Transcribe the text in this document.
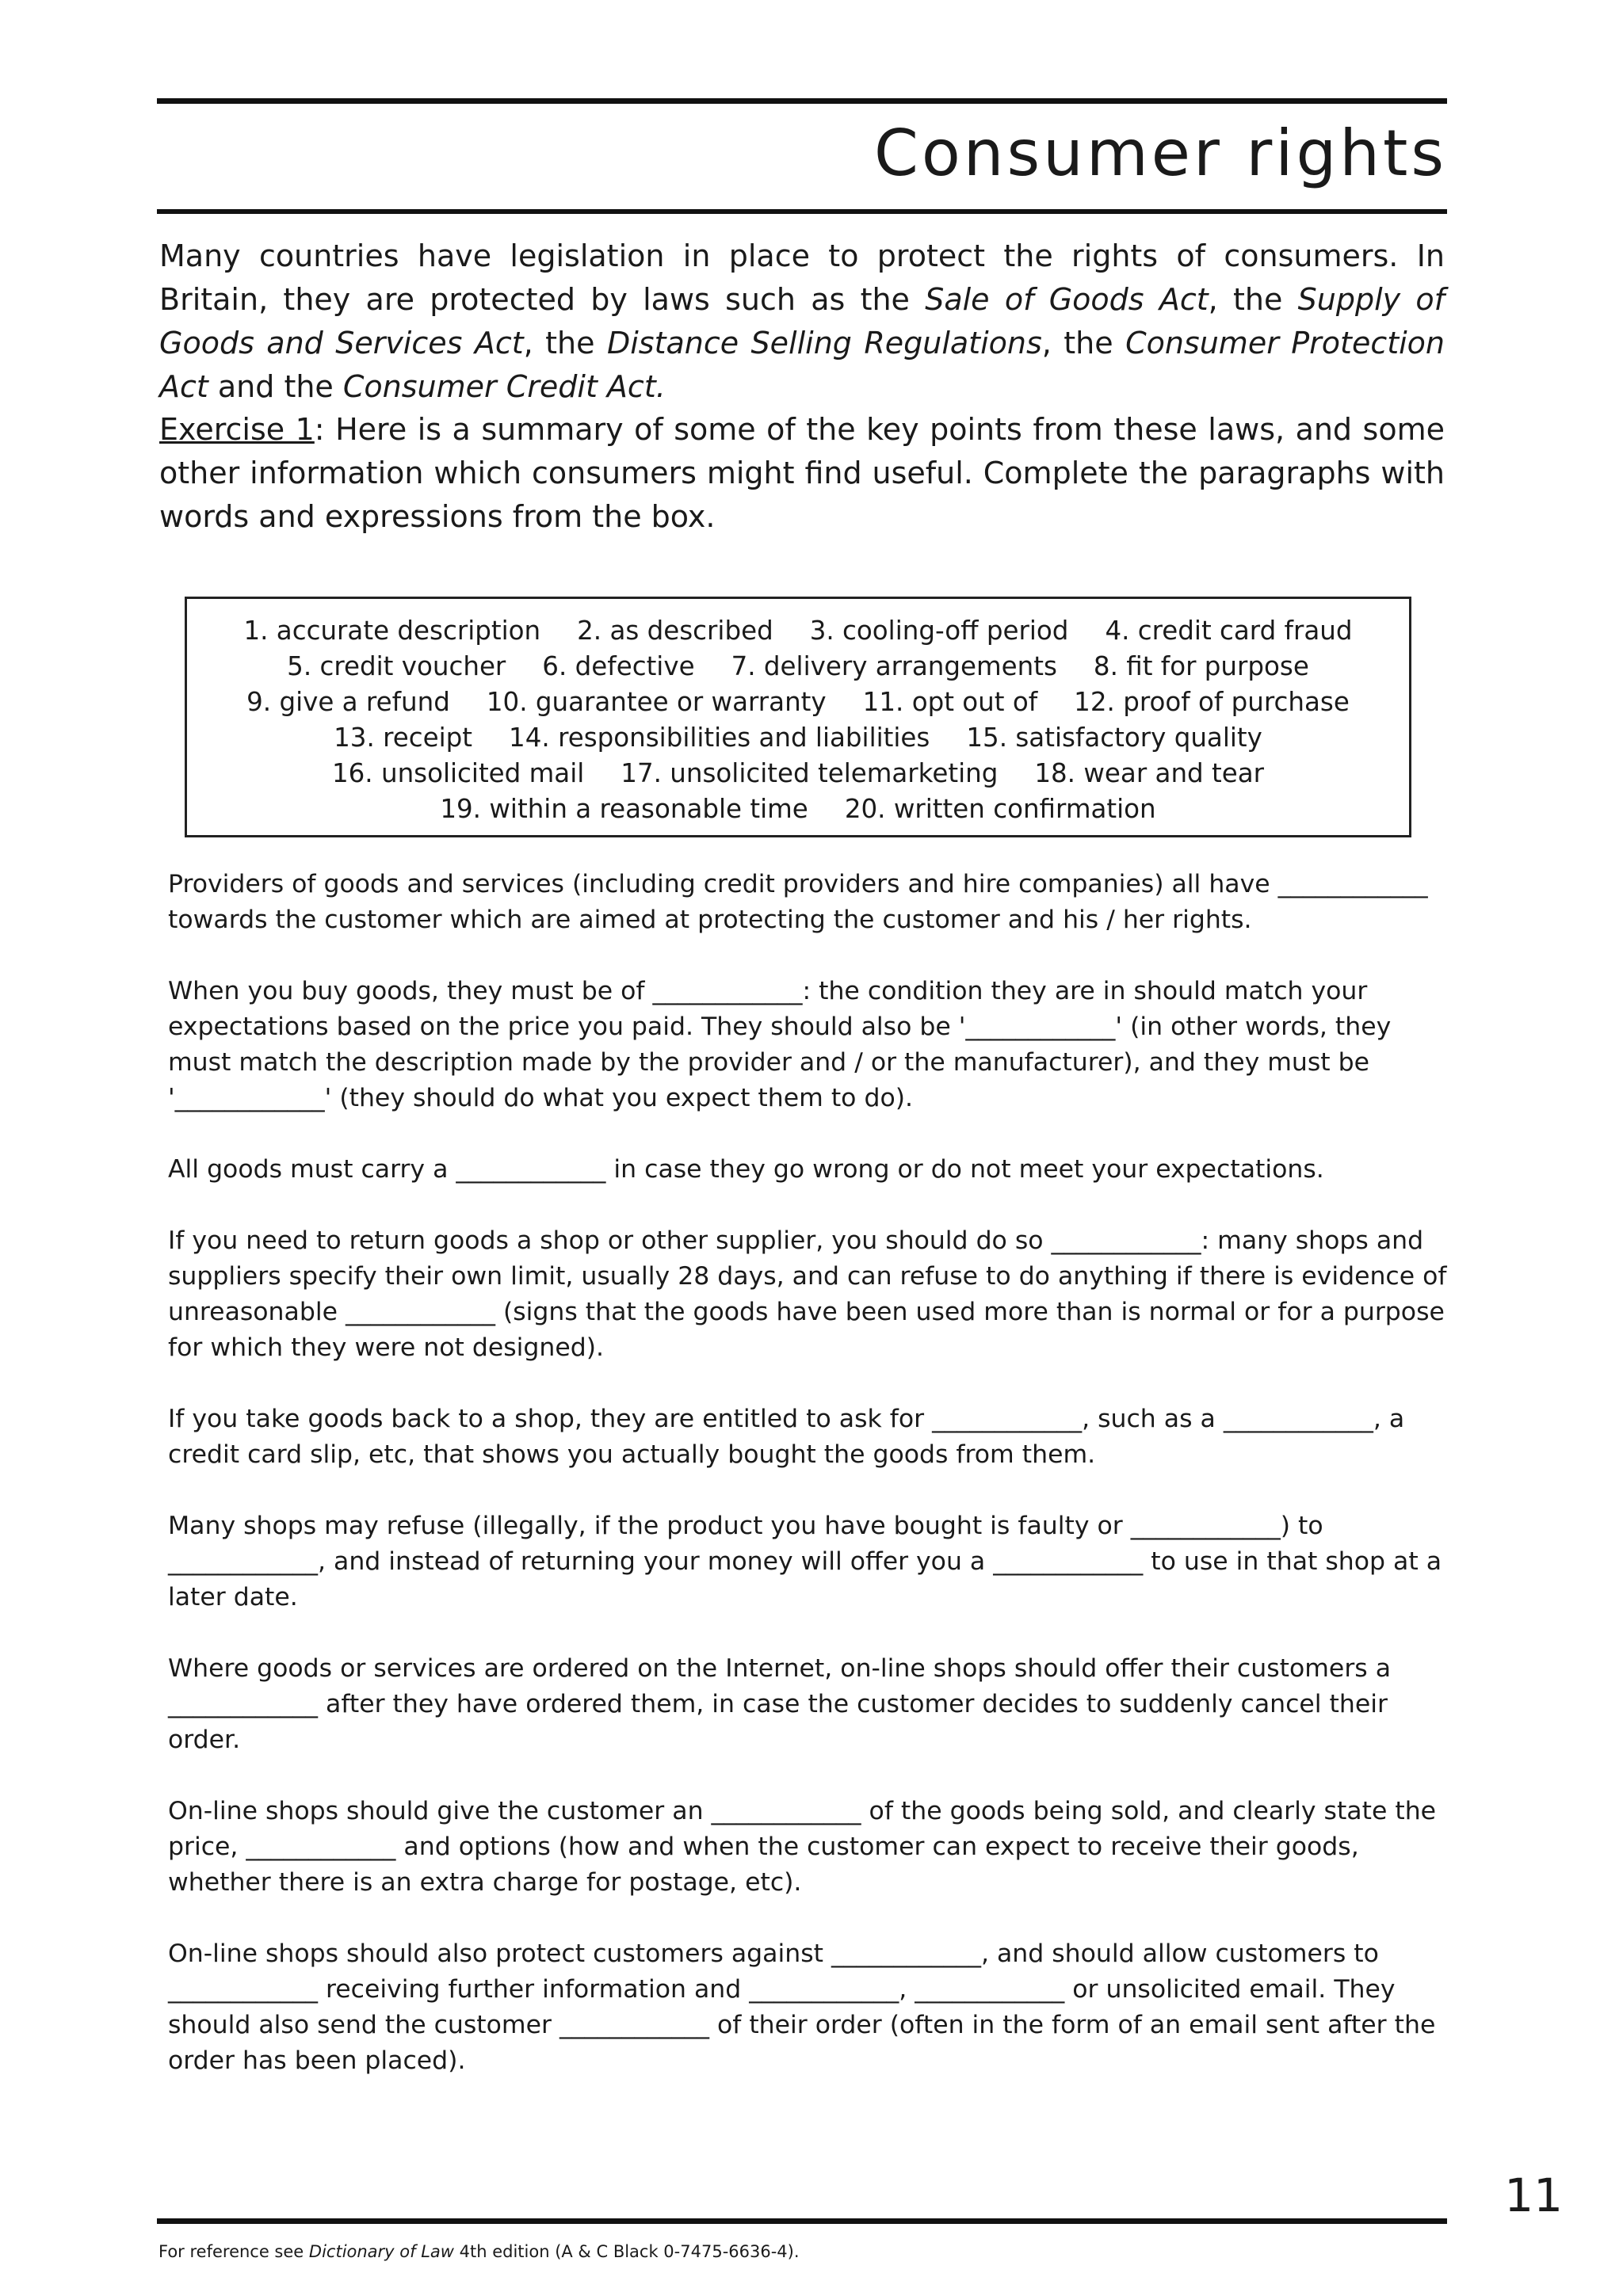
Consumer rights

Many countries have legislation in place to protect the rights of consumers. In Britain, they are protected by laws such as the Sale of Goods Act, the Supply of Goods and Services Act, the Distance Selling Regulations, the Consumer Protection Act and the Consumer Credit Act.

Exercise 1: Here is a summary of some of the key points from these laws, and some other information which consumers might find useful. Complete the paragraphs with words and expressions from the box.

1. accurate description 2. as described 3. cooling-off period 4. credit card fraud
5. credit voucher 6. defective 7. delivery arrangements 8. fit for purpose
9. give a refund 10. guarantee or warranty 11. opt out of 12. proof of purchase
13. receipt 14. responsibilities and liabilities 15. satisfactory quality
16. unsolicited mail 17. unsolicited telemarketing 18. wear and tear
19. within a reasonable time 20. written confirmation

Providers of goods and services (including credit providers and hire companies) all have ____________ towards the customer which are aimed at protecting the customer and his / her rights.

When you buy goods, they must be of ____________: the condition they are in should match your expectations based on the price you paid. They should also be '____________' (in other words, they must match the description made by the provider and / or the manufacturer), and they must be '____________' (they should do what you expect them to do).

All goods must carry a ____________ in case they go wrong or do not meet your expectations.

If you need to return goods a shop or other supplier, you should do so ____________: many shops and suppliers specify their own limit, usually 28 days, and can refuse to do anything if there is evidence of unreasonable ____________ (signs that the goods have been used more than is normal or for a purpose for which they were not designed).

If you take goods back to a shop, they are entitled to ask for ____________, such as a ____________, a credit card slip, etc, that shows you actually bought the goods from them.

Many shops may refuse (illegally, if the product you have bought is faulty or ____________) to ____________, and instead of returning your money will offer you a ____________ to use in that shop at a later date.

Where goods or services are ordered on the Internet, on-line shops should offer their customers a ____________ after they have ordered them, in case the customer decides to suddenly cancel their order.

On-line shops should give the customer an ____________ of the goods being sold, and clearly state the price, ____________ and options (how and when the customer can expect to receive their goods, whether there is an extra charge for postage, etc).

On-line shops should also protect customers against ____________, and should allow customers to ____________ receiving further information and ____________, ____________ or unsolicited email. They should also send the customer ____________ of their order (often in the form of an email sent after the order has been placed).

11
For reference see Dictionary of Law 4th edition (A & C Black 0-7475-6636-4).
